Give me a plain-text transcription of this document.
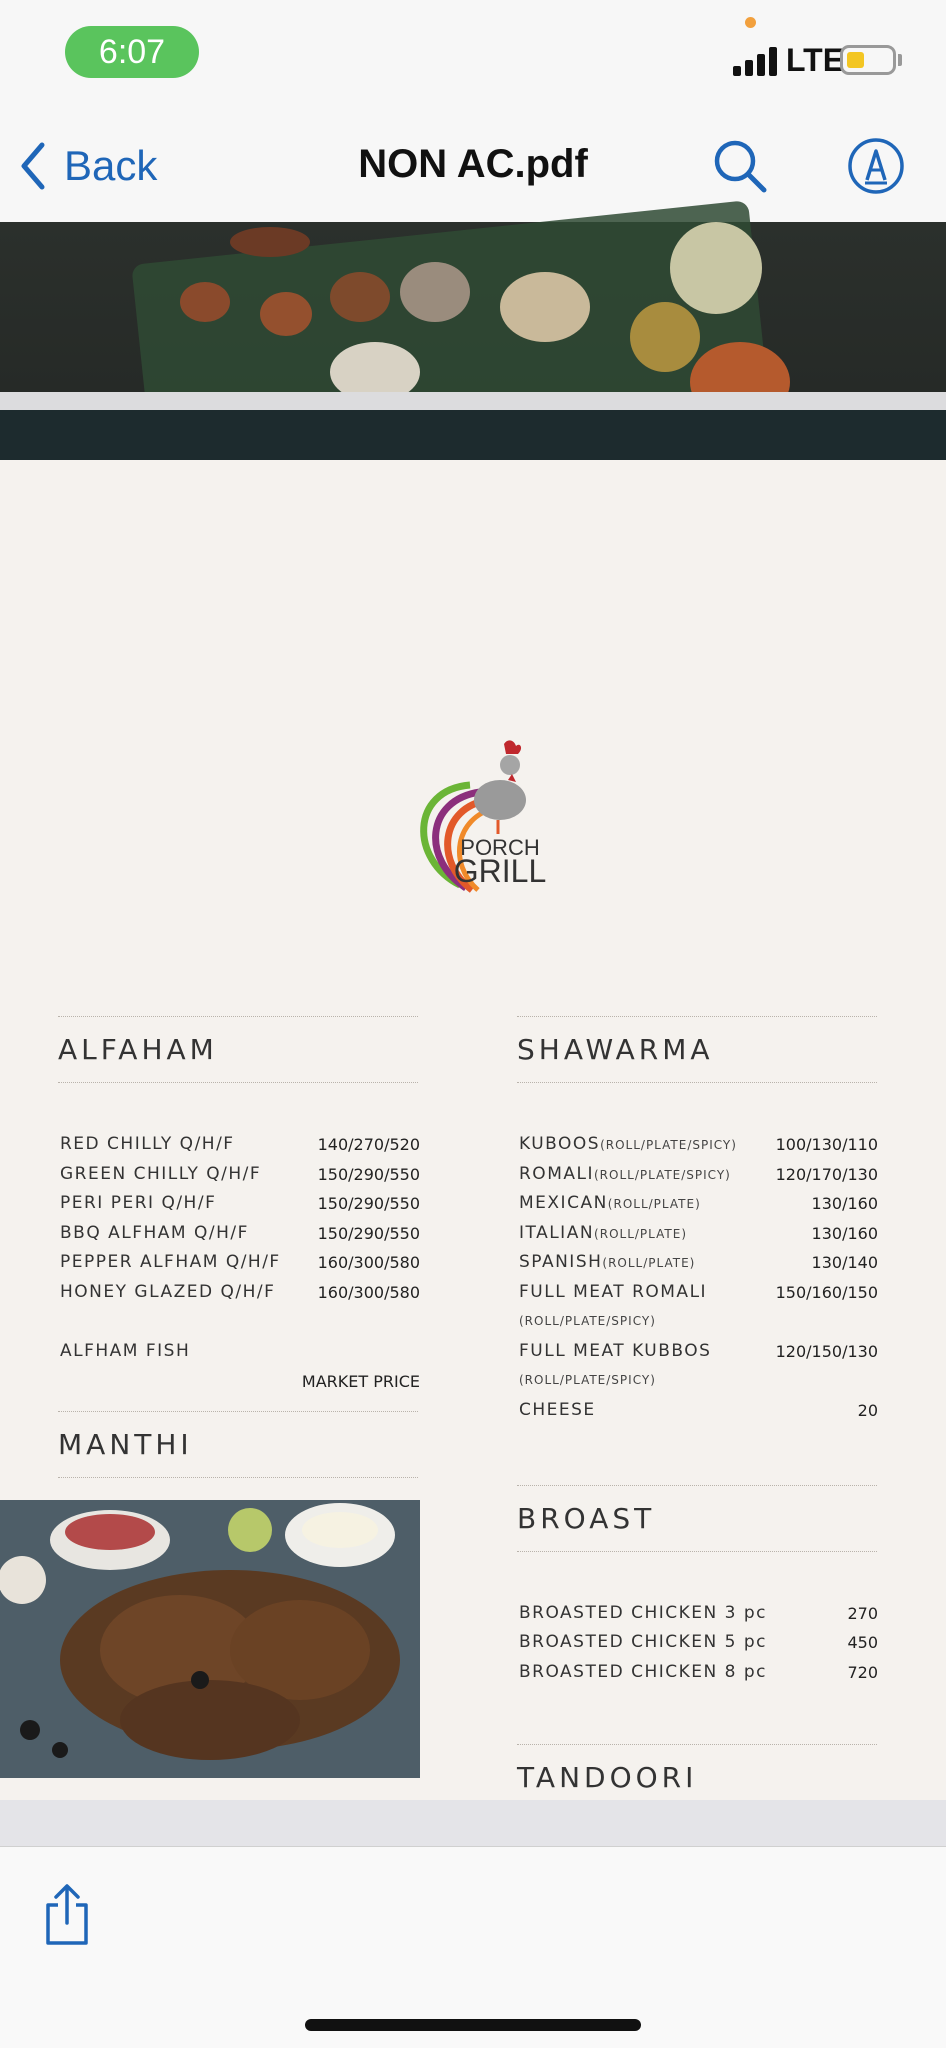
6:07	LTE
Back	NON AC.pdf
PORCH
GRILL
ALFAHAM
RED CHILLY Q/H/F	140/270/520
GREEN CHILLY Q/H/F	150/290/550
PERI PERI Q/H/F	150/290/550
BBQ ALFHAM Q/H/F	150/290/550
PEPPER ALFHAM Q/H/F 160/300/580
HONEY GLAZED Q/H/F	160/300/580
ALFHAM FISH
MARKET PRICE
MANTHI
SHAWARMA
KUBOOS(ROLL/PLATE/SPICY) 100/130/110
ROMALI(ROLL/PLATE/SPICY)	120/170/130
MEXICAN(ROLL/PLATE)	130/160
ITALIAN(ROLL/PLATE)	130/160
SPANISH(ROLL/PLATE)	130/140
FULL MEAT ROMALI	150/160/150
(ROLL/PLATE/SPICY)
FULL MEAT KUBBOS	120/150/130
(ROLL/PLATE/SPICY)
CHEESE	20
BROAST
BROASTED CHICKEN 3 pc	270
BROASTED CHICKEN 5 pc	450
BROASTED CHICKEN 8 pc	720
TANDOORI
